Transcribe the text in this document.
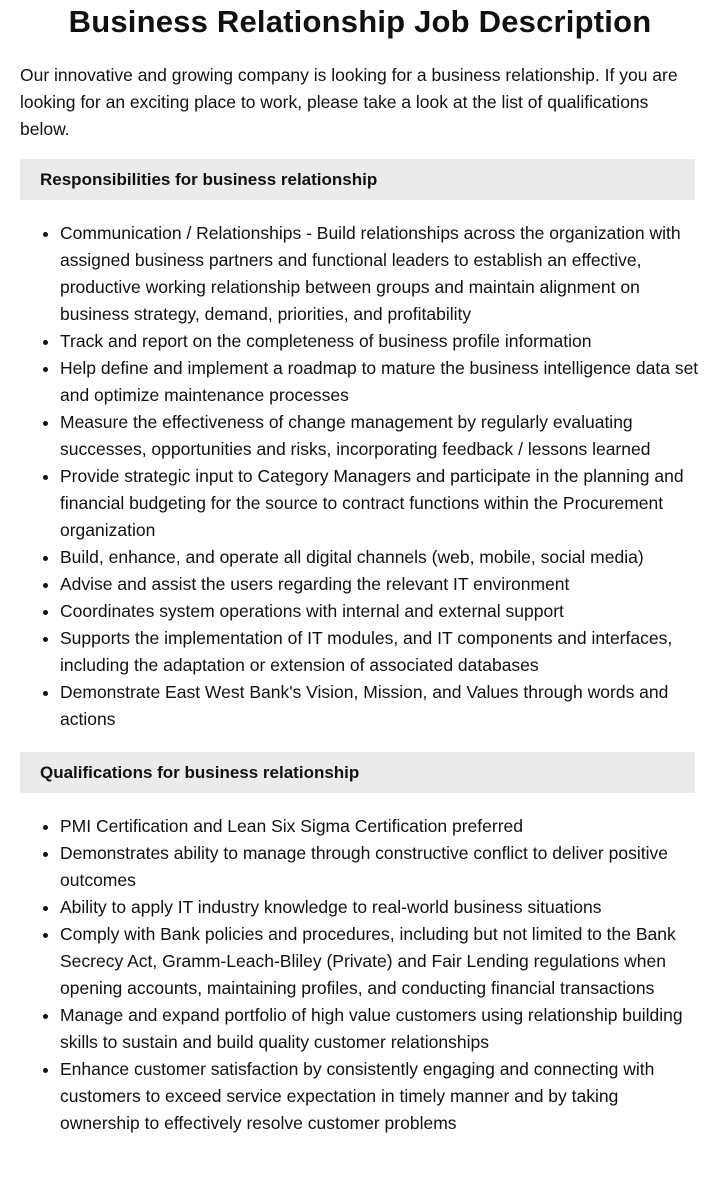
Business Relationship Job Description

Our innovative and growing company is looking for a business relationship. If you are looking for an exciting place to work, please take a look at the list of qualifications below.

Responsibilities for business relationship
• Communication / Relationships - Build relationships across the organization with assigned business partners and functional leaders to establish an effective, productive working relationship between groups and maintain alignment on business strategy, demand, priorities, and profitability
• Track and report on the completeness of business profile information
• Help define and implement a roadmap to mature the business intelligence data set and optimize maintenance processes
• Measure the effectiveness of change management by regularly evaluating successes, opportunities and risks, incorporating feedback / lessons learned
• Provide strategic input to Category Managers and participate in the planning and financial budgeting for the source to contract functions within the Procurement organization
• Build, enhance, and operate all digital channels (web, mobile, social media)
• Advise and assist the users regarding the relevant IT environment
• Coordinates system operations with internal and external support
• Supports the implementation of IT modules, and IT components and interfaces, including the adaptation or extension of associated databases
• Demonstrate East West Bank's Vision, Mission, and Values through words and actions
Qualifications for business relationship
• PMI Certification and Lean Six Sigma Certification preferred
• Demonstrates ability to manage through constructive conflict to deliver positive outcomes
• Ability to apply IT industry knowledge to real-world business situations
• Comply with Bank policies and procedures, including but not limited to the Bank Secrecy Act, Gramm-Leach-Bliley (Private) and Fair Lending regulations when opening accounts, maintaining profiles, and conducting financial transactions
• Manage and expand portfolio of high value customers using relationship building skills to sustain and build quality customer relationships
• Enhance customer satisfaction by consistently engaging and connecting with customers to exceed service expectation in timely manner and by taking ownership to effectively resolve customer problems
